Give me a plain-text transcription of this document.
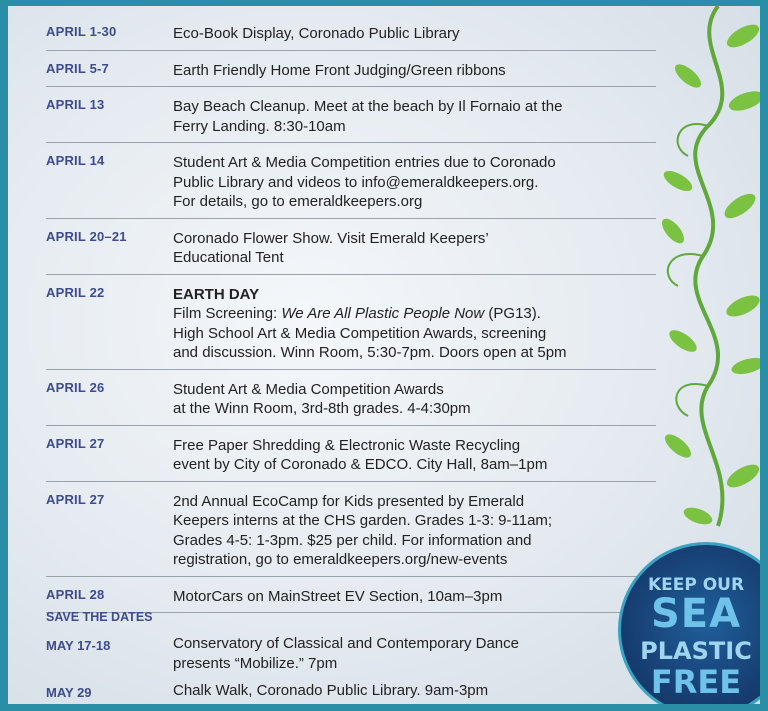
APRIL 1-30	Eco-Book Display, Coronado Public Library
APRIL 5-7	Earth Friendly Home Front Judging/Green ribbons
APRIL 13	Bay Beach Cleanup. Meet at the beach by Il Fornaio at the
Ferry Landing. 8:30-10am
APRIL 14	Student Art & Media Competition entries due to Coronado
Public Library and videos to info@emeraldkeepers.org.
For details, go to emeraldkeepers.org
APRIL 20–21	Coronado Flower Show. Visit Emerald Keepers’
Educational Tent
APRIL 22	EARTH DAY
Film Screening: We Are All Plastic People Now (PG13).
High School Art & Media Competition Awards, screening
and discussion. Winn Room, 5:30-7pm. Doors open at 5pm
APRIL 26	Student Art & Media Competition Awards
at the Winn Room, 3rd-8th grades. 4-4:30pm
APRIL 27	Free Paper Shredding & Electronic Waste Recycling
event by City of Coronado & EDCO. City Hall, 8am–1pm
APRIL 27	2nd Annual EcoCamp for Kids presented by Emerald
Keepers interns at the CHS garden. Grades 1-3: 9-11am;
Grades 4-5: 1-3pm. $25 per child. For information and
registration, go to emeraldkeepers.org/new-events
APRIL 28	MotorCars on MainStreet EV Section, 10am–3pm
SAVE THE DATES
MAY 17-18	Conservatory of Classical and Contemporary Dance
presents “Mobilize.” 7pm
MAY 29	Chalk Walk, Coronado Public Library. 9am-3pm
KEEP OUR
SEA
PLASTIC
FREE
